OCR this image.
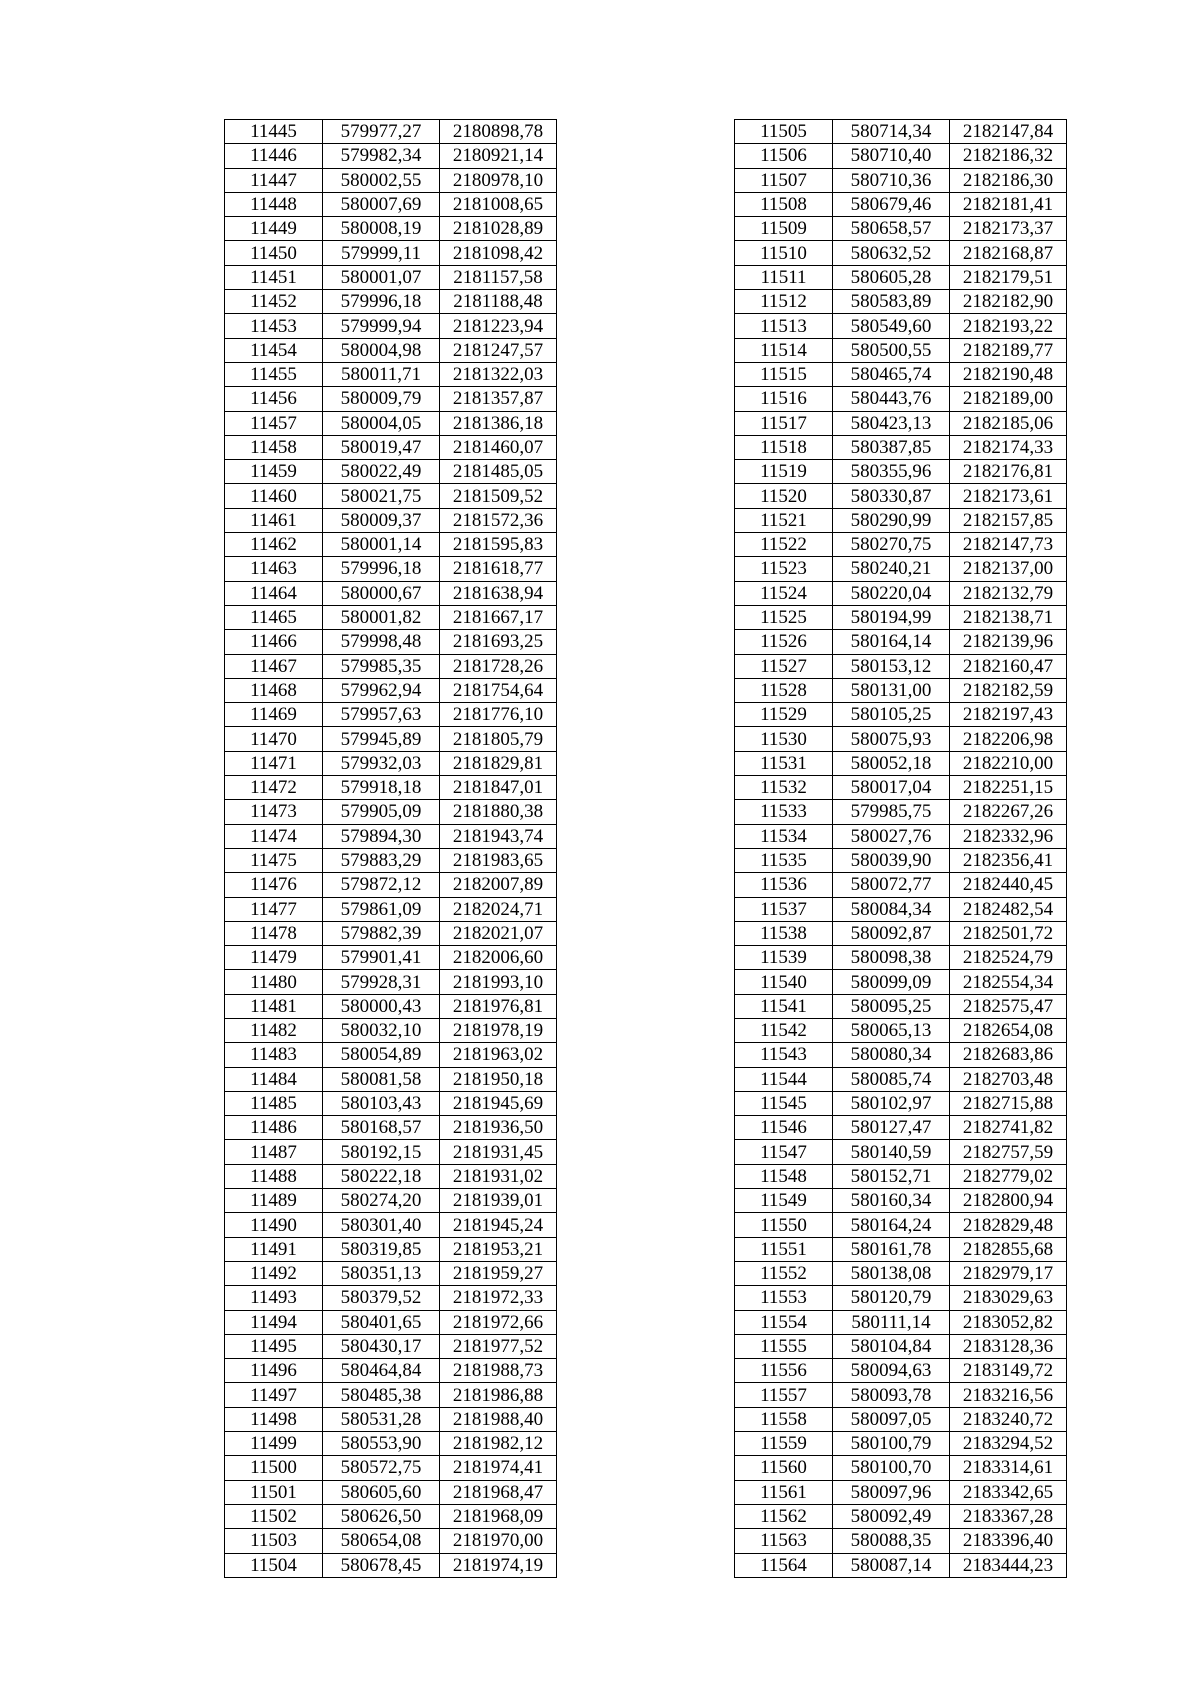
11445	579977,27	2180898,78
11446	579982,34	2180921,14
11447	580002,55	2180978,10
11448	580007,69	2181008,65
11449	580008,19	2181028,89
11450	579999,11	2181098,42
11451	580001,07	2181157,58
11452	579996,18	2181188,48
11453	579999,94	2181223,94
11454	580004,98	2181247,57
11455	580011,71	2181322,03
11456	580009,79	2181357,87
11457	580004,05	2181386,18
11458	580019,47	2181460,07
11459	580022,49	2181485,05
11460	580021,75	2181509,52
11461	580009,37	2181572,36
11462	580001,14	2181595,83
11463	579996,18	2181618,77
11464	580000,67	2181638,94
11465	580001,82	2181667,17
11466	579998,48	2181693,25
11467	579985,35	2181728,26
11468	579962,94	2181754,64
11469	579957,63	2181776,10
11470	579945,89	2181805,79
11471	579932,03	2181829,81
11472	579918,18	2181847,01
11473	579905,09	2181880,38
11474	579894,30	2181943,74
11475	579883,29	2181983,65
11476	579872,12	2182007,89
11477	579861,09	2182024,71
11478	579882,39	2182021,07
11479	579901,41	2182006,60
11480	579928,31	2181993,10
11481	580000,43	2181976,81
11482	580032,10	2181978,19
11483	580054,89	2181963,02
11484	580081,58	2181950,18
11485	580103,43	2181945,69
11486	580168,57	2181936,50
11487	580192,15	2181931,45
11488	580222,18	2181931,02
11489	580274,20	2181939,01
11490	580301,40	2181945,24
11491	580319,85	2181953,21
11492	580351,13	2181959,27
11493	580379,52	2181972,33
11494	580401,65	2181972,66
11495	580430,17	2181977,52
11496	580464,84	2181988,73
11497	580485,38	2181986,88
11498	580531,28	2181988,40
11499	580553,90	2181982,12
11500	580572,75	2181974,41
11501	580605,60	2181968,47
11502	580626,50	2181968,09
11503	580654,08	2181970,00
11504	580678,45	2181974,19
11505	580714,34	2182147,84
11506	580710,40	2182186,32
11507	580710,36	2182186,30
11508	580679,46	2182181,41
11509	580658,57	2182173,37
11510	580632,52	2182168,87
11511	580605,28	2182179,51
11512	580583,89	2182182,90
11513	580549,60	2182193,22
11514	580500,55	2182189,77
11515	580465,74	2182190,48
11516	580443,76	2182189,00
11517	580423,13	2182185,06
11518	580387,85	2182174,33
11519	580355,96	2182176,81
11520	580330,87	2182173,61
11521	580290,99	2182157,85
11522	580270,75	2182147,73
11523	580240,21	2182137,00
11524	580220,04	2182132,79
11525	580194,99	2182138,71
11526	580164,14	2182139,96
11527	580153,12	2182160,47
11528	580131,00	2182182,59
11529	580105,25	2182197,43
11530	580075,93	2182206,98
11531	580052,18	2182210,00
11532	580017,04	2182251,15
11533	579985,75	2182267,26
11534	580027,76	2182332,96
11535	580039,90	2182356,41
11536	580072,77	2182440,45
11537	580084,34	2182482,54
11538	580092,87	2182501,72
11539	580098,38	2182524,79
11540	580099,09	2182554,34
11541	580095,25	2182575,47
11542	580065,13	2182654,08
11543	580080,34	2182683,86
11544	580085,74	2182703,48
11545	580102,97	2182715,88
11546	580127,47	2182741,82
11547	580140,59	2182757,59
11548	580152,71	2182779,02
11549	580160,34	2182800,94
11550	580164,24	2182829,48
11551	580161,78	2182855,68
11552	580138,08	2182979,17
11553	580120,79	2183029,63
11554	580111,14	2183052,82
11555	580104,84	2183128,36
11556	580094,63	2183149,72
11557	580093,78	2183216,56
11558	580097,05	2183240,72
11559	580100,79	2183294,52
11560	580100,70	2183314,61
11561	580097,96	2183342,65
11562	580092,49	2183367,28
11563	580088,35	2183396,40
11564	580087,14	2183444,23
